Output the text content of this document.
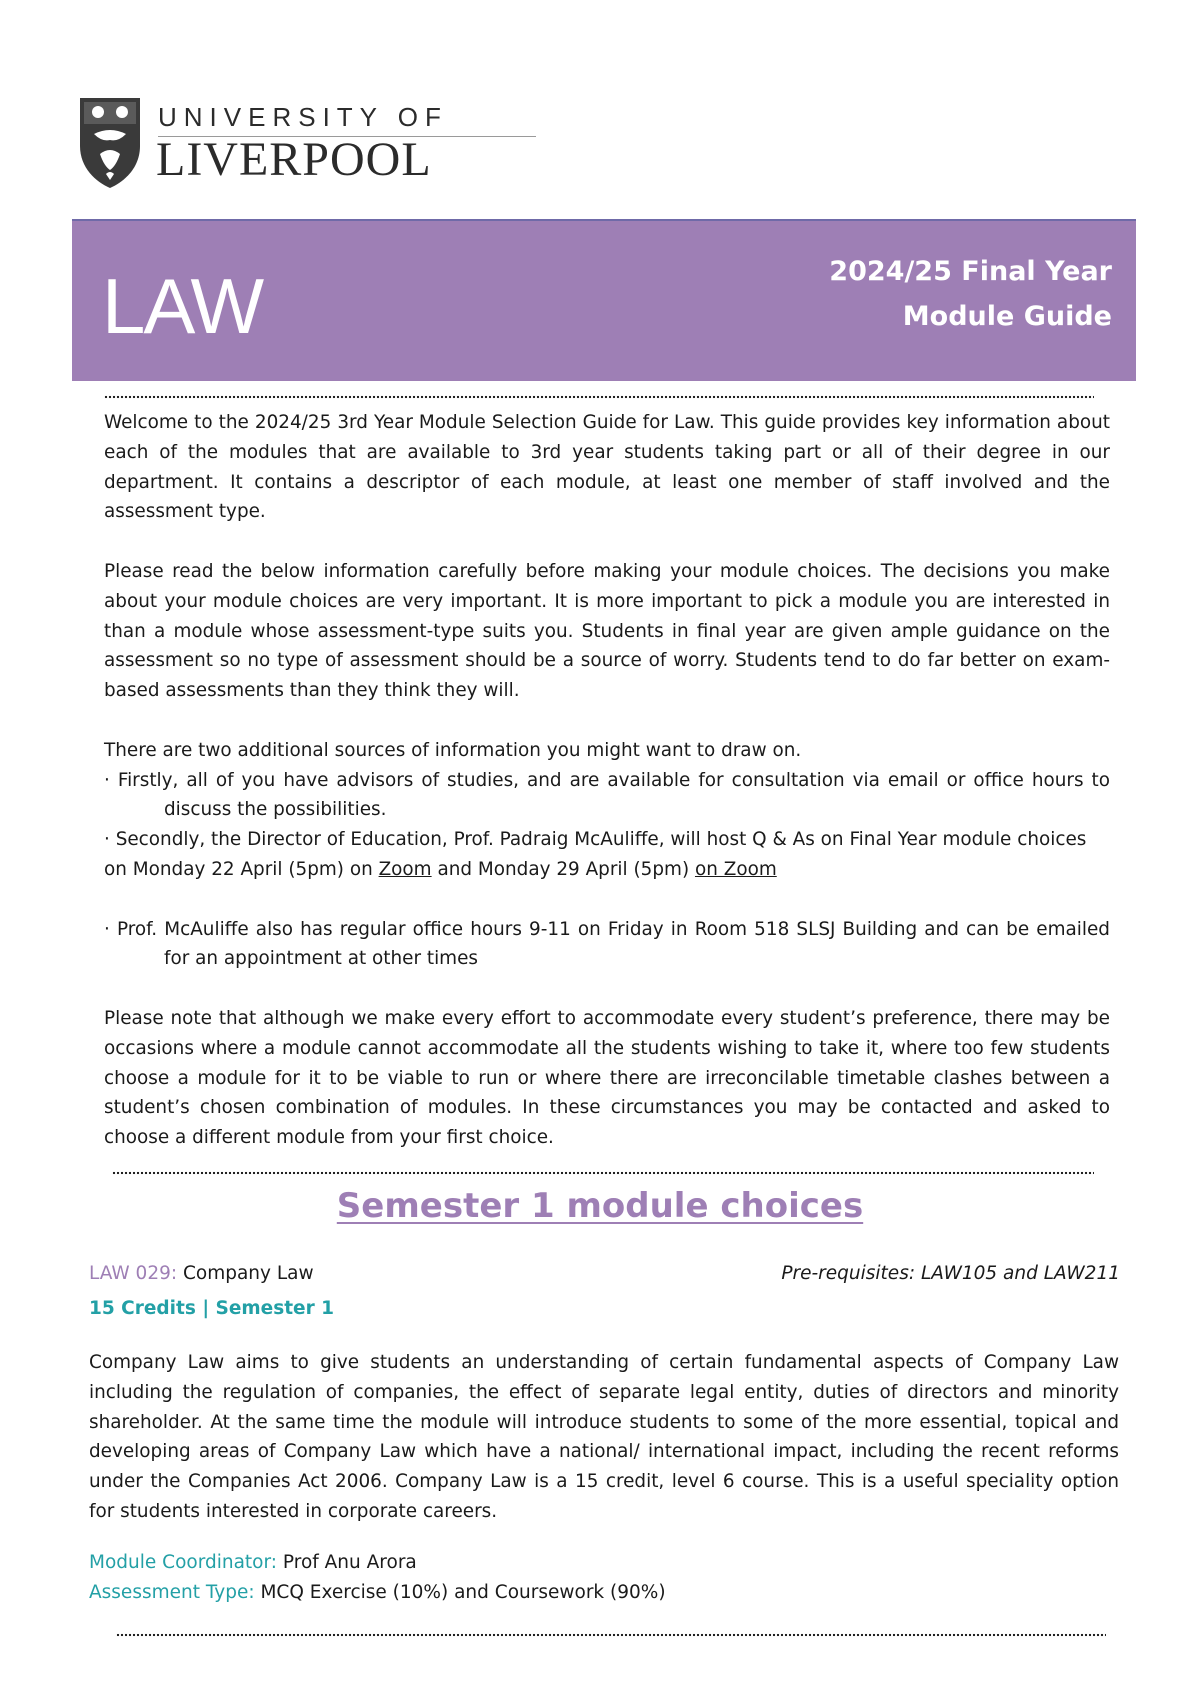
UNIVERSITY OF
LIVERPOOL
LAW	2024/25 Final Year
Module Guide

Welcome to the 2024/25 3rd Year Module Selection Guide for Law. This guide provides key information about each of the modules that are available to 3rd year students taking part or all of their degree in our department. It contains a descriptor of each module, at least one member of staff involved and the assessment type.

Please read the below information carefully before making your module choices. The decisions you make about your module choices are very important. It is more important to pick a module you are interested in than a module whose assessment-type suits you. Students in final year are given ample guidance on the assessment so no type of assessment should be a source of worry. Students tend to do far better on exam-based assessments than they think they will.

There are two additional sources of information you might want to draw on.

· Firstly, all of you have advisors of studies, and are available for consultation via email or office hours to discuss the possibilities.

· Secondly, the Director of Education, Prof. Padraig McAuliffe, will host Q & As on Final Year module choices on Monday 22 April (5pm) on Zoom and Monday 29 April (5pm) on Zoom

· Prof. McAuliffe also has regular office hours 9-11 on Friday in Room 518 SLSJ Building and can be emailed for an appointment at other times

Please note that although we make every effort to accommodate every student’s preference, there may be occasions where a module cannot accommodate all the students wishing to take it, where too few students choose a module for it to be viable to run or where there are irreconcilable timetable clashes between a student’s chosen combination of modules. In these circumstances you may be contacted and asked to choose a different module from your first choice.

Semester 1 module choices
LAW 029: Company Law	Pre-requisites: LAW105 and LAW211
15 Credits | Semester 1
Company Law aims to give students an understanding of certain fundamental aspects of Company Law including the regulation of companies, the effect of separate legal entity, duties of directors and minority shareholder. At the same time the module will introduce students to some of the more essential, topical and developing areas of Company Law which have a national/ international impact, including the recent reforms under the Companies Act 2006. Company Law is a 15 credit, level 6 course. This is a useful speciality option for students interested in corporate careers.
Module Coordinator: Prof Anu Arora
Assessment Type: MCQ Exercise (10%) and Coursework (90%)
